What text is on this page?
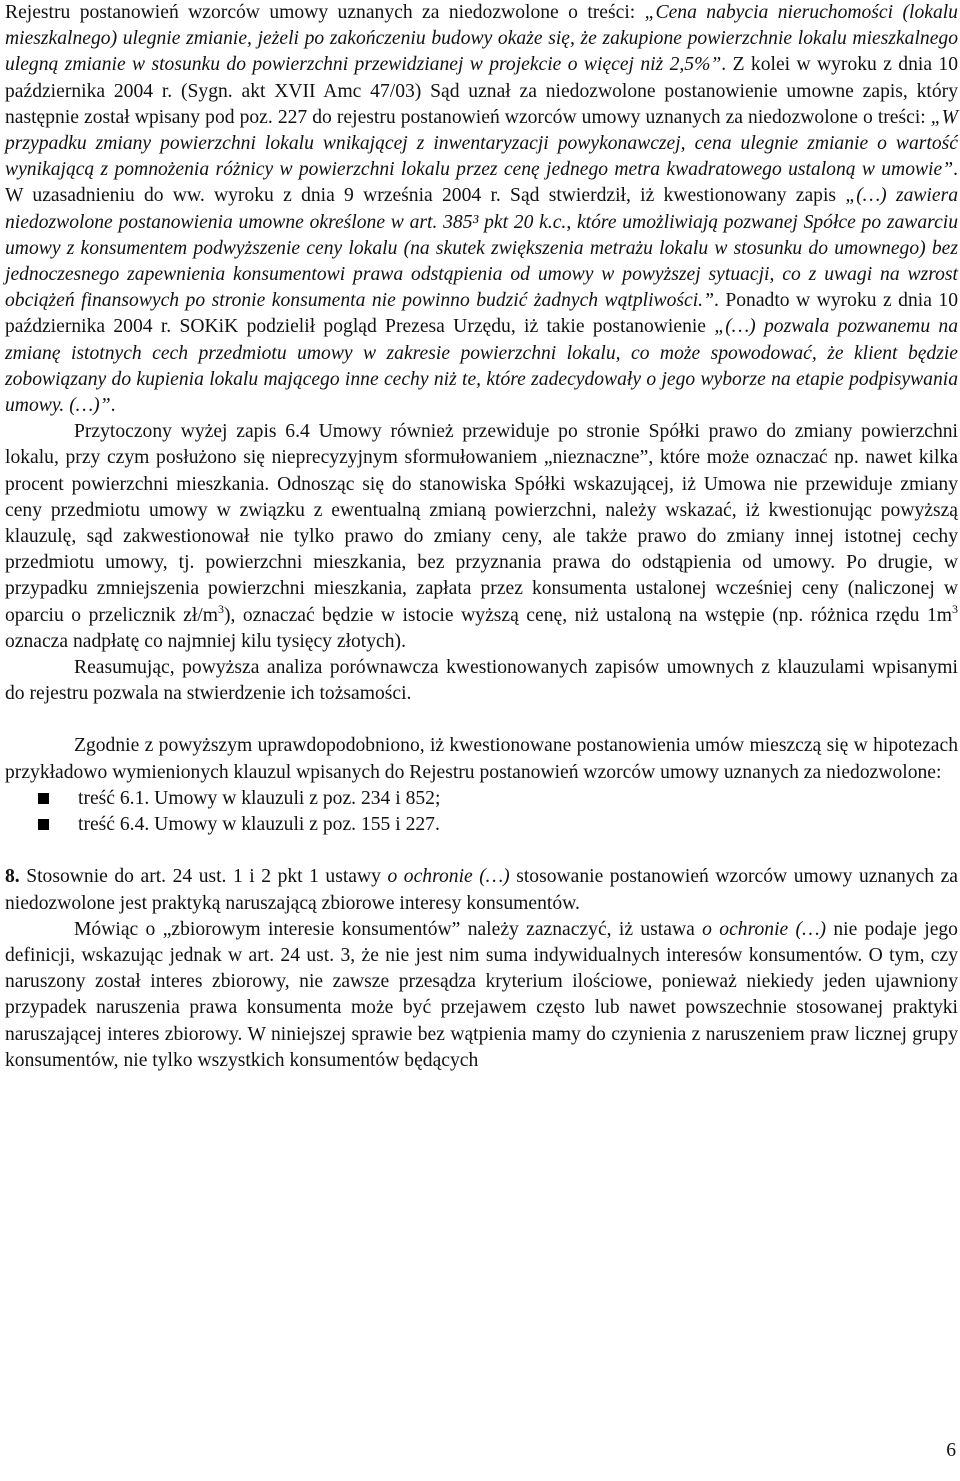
Rejestru postanowień wzorców umowy uznanych za niedozwolone o treści: „Cena nabycia nieruchomości (lokalu mieszkalnego) ulegnie zmianie, jeżeli po zakończeniu budowy okaże się, że zakupione powierzchnie lokalu mieszkalnego ulegną zmianie w stosunku do powierzchni przewidzianej w projekcie o więcej niż 2,5%”. Z kolei w wyroku z dnia 10 października 2004 r. (Sygn. akt XVII Amc 47/03) Sąd uznał za niedozwolone postanowienie umowne zapis, który następnie został wpisany pod poz. 227 do rejestru postanowień wzorców umowy uznanych za niedozwolone o treści: „W przypadku zmiany powierzchni lokalu wnikającej z inwentaryzacji powykonawczej, cena ulegnie zmianie o wartość wynikającą z pomnożenia różnicy w powierzchni lokalu przez cenę jednego metra kwadratowego ustaloną w umowie”. W uzasadnieniu do ww. wyroku z dnia 9 września 2004 r. Sąd stwierdził, iż kwestionowany zapis „(…) zawiera niedozwolone postanowienia umowne określone w art. 385³ pkt 20 k.c., które umożliwiają pozwanej Spółce po zawarciu umowy z konsumentem podwyższenie ceny lokalu (na skutek zwiększenia metrażu lokalu w stosunku do umownego) bez jednoczesnego zapewnienia konsumentowi prawa odstąpienia od umowy w powyższej sytuacji, co z uwagi na wzrost obciążeń finansowych po stronie konsumenta nie powinno budzić żadnych wątpliwości.”. Ponadto w wyroku z dnia 10 października 2004 r. SOKiK podzielił pogląd Prezesa Urzędu, iż takie postanowienie „(…) pozwala pozwanemu na zmianę istotnych cech przedmiotu umowy w zakresie powierzchni lokalu, co może spowodować, że klient będzie zobowiązany do kupienia lokalu mającego inne cechy niż te, które zadecydowały o jego wyborze na etapie podpisywania umowy. (…)”.

Przytoczony wyżej zapis 6.4 Umowy również przewiduje po stronie Spółki prawo do zmiany powierzchni lokalu, przy czym posłużono się nieprecyzyjnym sformułowaniem „nieznaczne”, które może oznaczać np. nawet kilka procent powierzchni mieszkania. Odnosząc się do stanowiska Spółki wskazującej, iż Umowa nie przewiduje zmiany ceny przedmiotu umowy w związku z ewentualną zmianą powierzchni, należy wskazać, iż kwestionując powyższą klauzulę, sąd zakwestionował nie tylko prawo do zmiany ceny, ale także prawo do zmiany innej istotnej cechy przedmiotu umowy, tj. powierzchni mieszkania, bez przyznania prawa do odstąpienia od umowy. Po drugie, w przypadku zmniejszenia powierzchni mieszkania, zapłata przez konsumenta ustalonej wcześniej ceny (naliczonej w oparciu o przelicznik $zł/m^3$), oznaczać będzie w istocie wyższą cenę, niż ustaloną na wstępie (np. różnica rzędu $1m^3$ oznacza nadpłatę co najmniej kilu tysięcy złotych).

Reasumując, powyższa analiza porównawcza kwestionowanych zapisów umownych z klauzulami wpisanymi do rejestru pozwala na stwierdzenie ich tożsamości.

Zgodnie z powyższym uprawdopodobniono, iż kwestionowane postanowienia umów mieszczą się w hipotezach przykładowo wymienionych klauzul wpisanych do Rejestru postanowień wzorców umowy uznanych za niedozwolone:

treść 6.1. Umowy w klauzuli z poz. 234 i 852;
treść 6.4. Umowy w klauzuli z poz. 155 i 227.

8. Stosownie do art. 24 ust. 1 i 2 pkt 1 ustawy o ochronie (…) stosowanie postanowień wzorców umowy uznanych za niedozwolone jest praktyką naruszającą zbiorowe interesy konsumentów.

Mówiąc o „zbiorowym interesie konsumentów” należy zaznaczyć, iż ustawa o ochronie (…) nie podaje jego definicji, wskazując jednak w art. 24 ust. 3, że nie jest nim suma indywidualnych interesów konsumentów. O tym, czy naruszony został interes zbiorowy, nie zawsze przesądza kryterium ilościowe, ponieważ niekiedy jeden ujawniony przypadek naruszenia prawa konsumenta może być przejawem często lub nawet powszechnie stosowanej praktyki naruszającej interes zbiorowy. W niniejszej sprawie bez wątpienia mamy do czynienia z naruszeniem praw licznej grupy konsumentów, nie tylko wszystkich konsumentów będących

6
